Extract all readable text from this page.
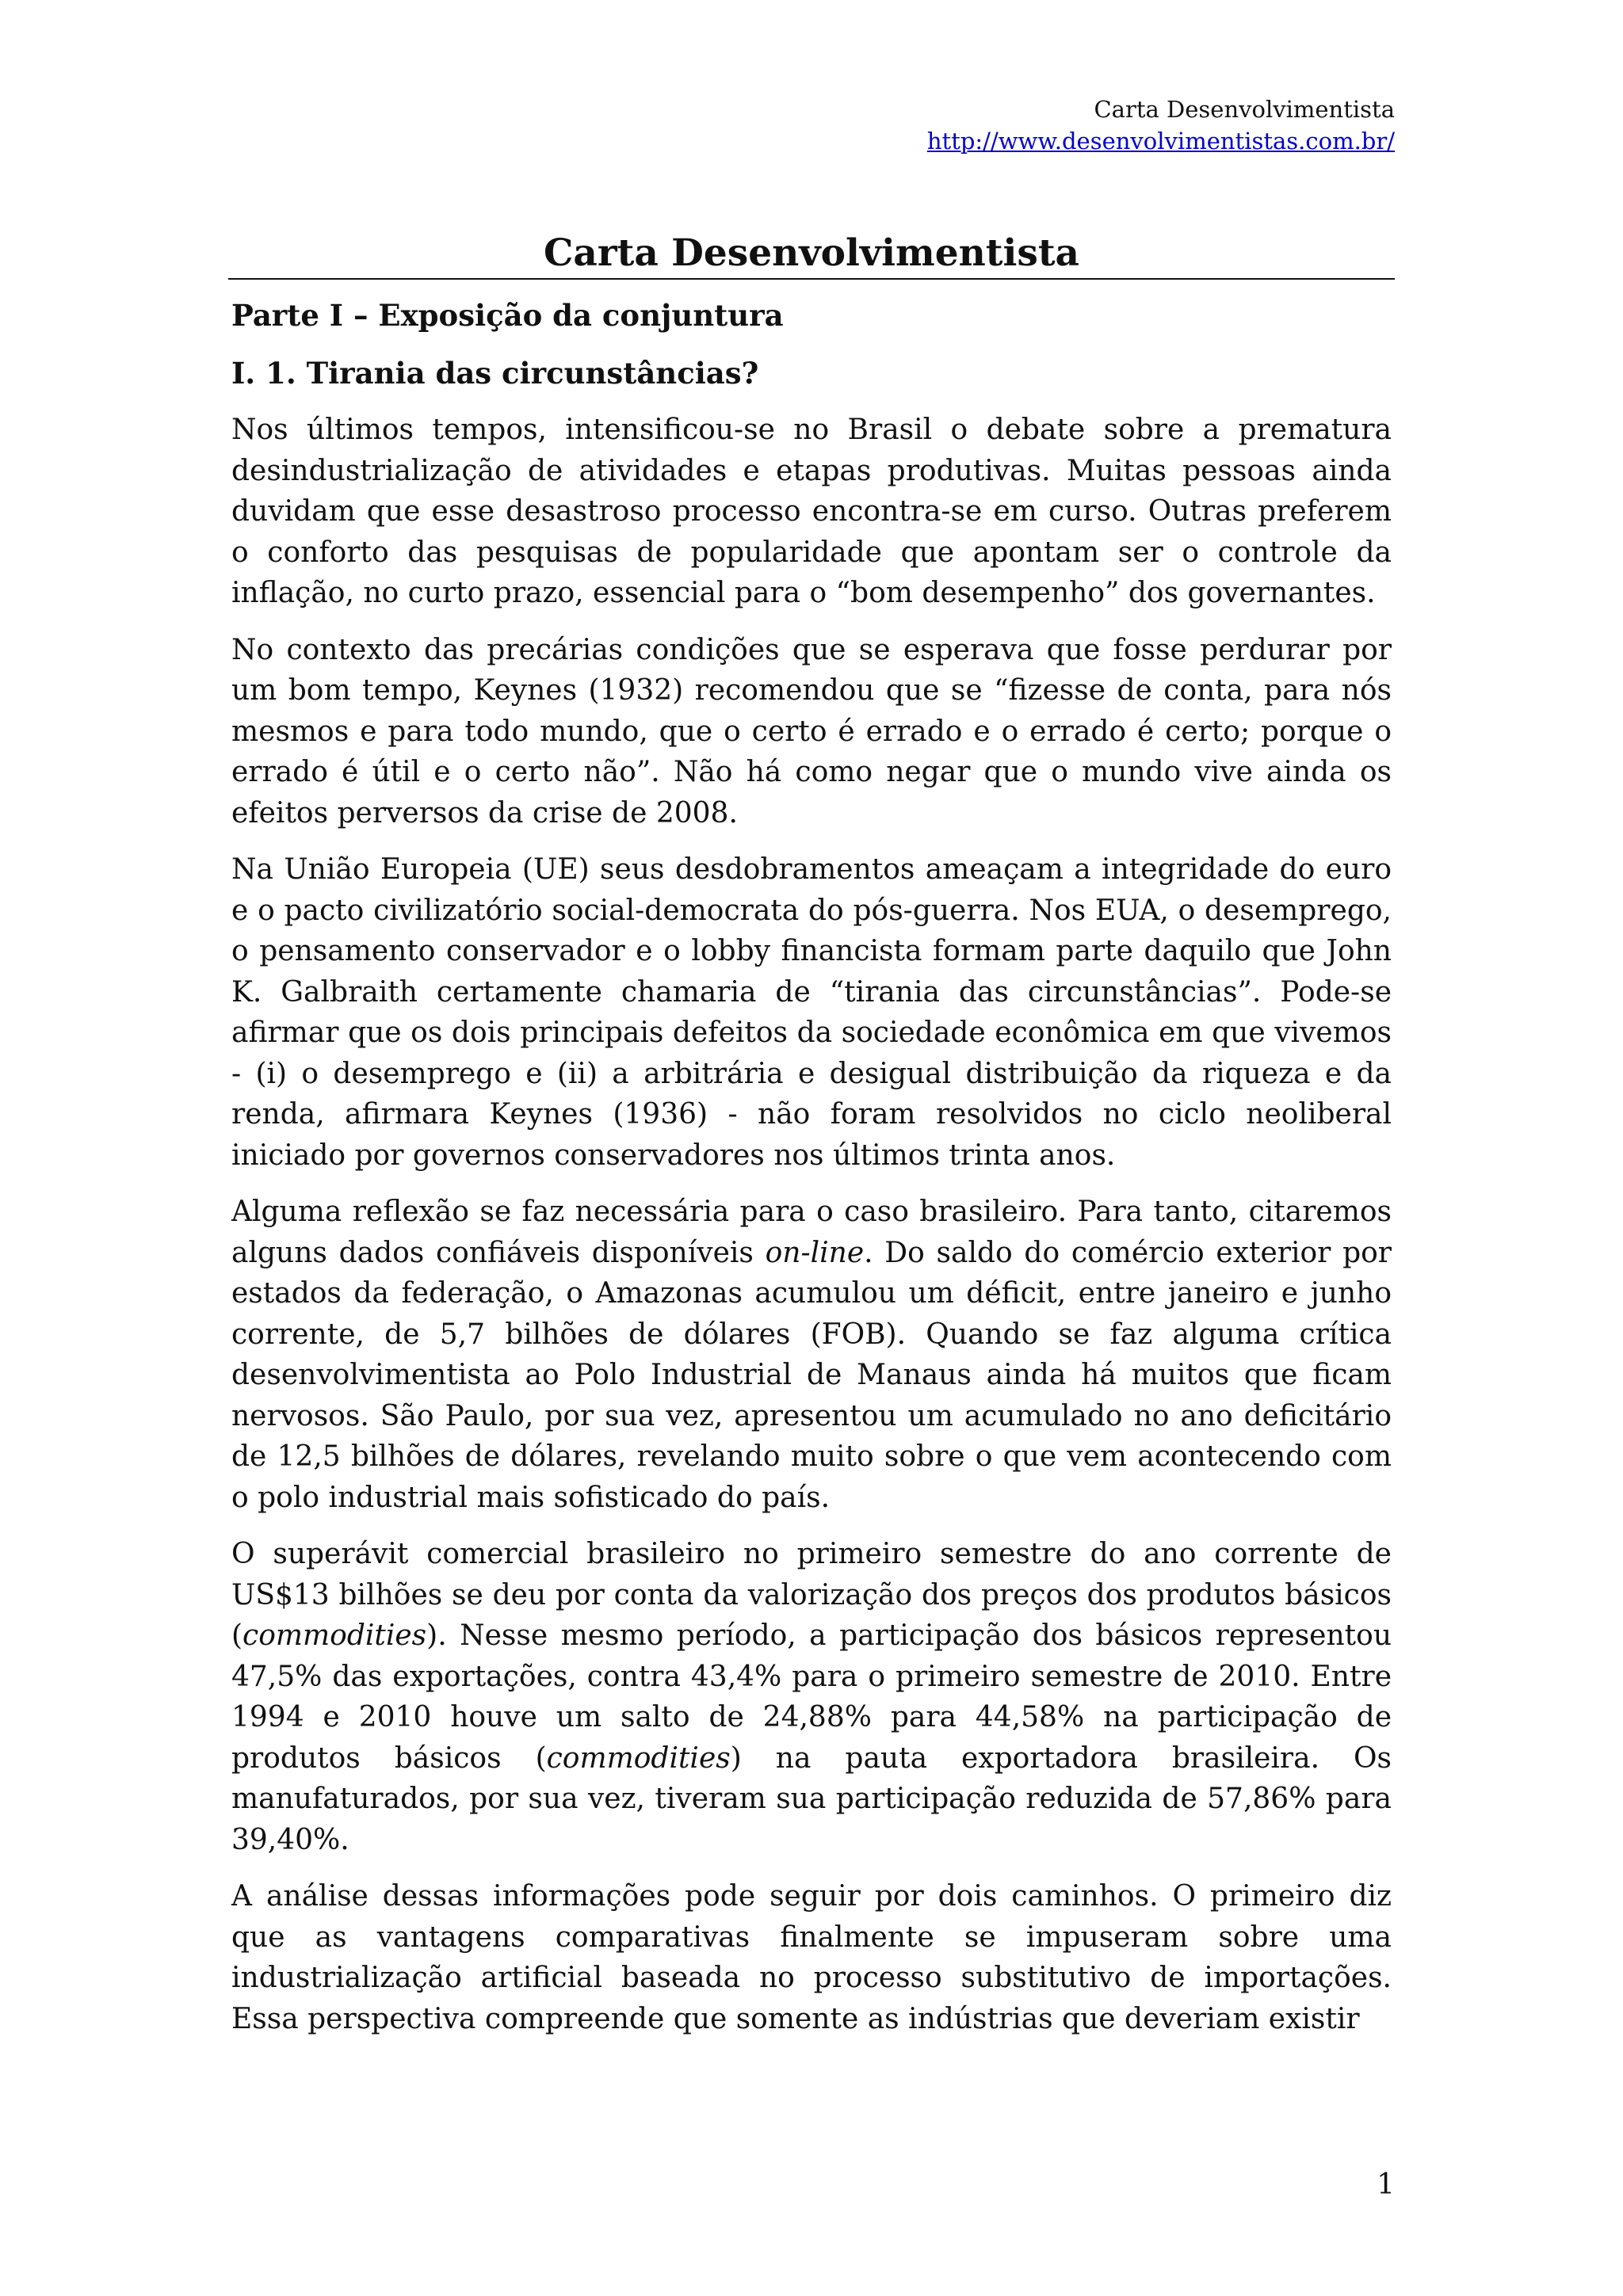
Carta Desenvolvimentista
http://www.desenvolvimentistas.com.br/
Carta Desenvolvimentista

Parte I – Exposição da conjuntura

I. 1. Tirania das circunstâncias?

Nos últimos tempos, intensificou-se no Brasil o debate sobre a prematura desindustrialização de atividades e etapas produtivas. Muitas pessoas ainda duvidam que esse desastroso processo encontra-se em curso. Outras preferem o conforto das pesquisas de popularidade que apontam ser o controle da inflação, no curto prazo, essencial para o “bom desempenho” dos governantes.

No contexto das precárias condições que se esperava que fosse perdurar por um bom tempo, Keynes (1932) recomendou que se “fizesse de conta, para nós mesmos e para todo mundo, que o certo é errado e o errado é certo; porque o errado é útil e o certo não”. Não há como negar que o mundo vive ainda os efeitos perversos da crise de 2008.

Na União Europeia (UE) seus desdobramentos ameaçam a integridade do euro e o pacto civilizatório social-democrata do pós-guerra. Nos EUA, o desemprego, o pensamento conservador e o lobby financista formam parte daquilo que John K. Galbraith certamente chamaria de “tirania das circunstâncias”. Pode-se afirmar que os dois principais defeitos da sociedade econômica em que vivemos - (i) o desemprego e (ii) a arbitrária e desigual distribuição da riqueza e da renda, afirmara Keynes (1936) - não foram resolvidos no ciclo neoliberal iniciado por governos conservadores nos últimos trinta anos.

Alguma reflexão se faz necessária para o caso brasileiro. Para tanto, citaremos alguns dados confiáveis disponíveis on-line. Do saldo do comércio exterior por estados da federação, o Amazonas acumulou um déficit, entre janeiro e junho corrente, de 5,7 bilhões de dólares (FOB). Quando se faz alguma crítica desenvolvimentista ao Polo Industrial de Manaus ainda há muitos que ficam nervosos. São Paulo, por sua vez, apresentou um acumulado no ano deficitário de 12,5 bilhões de dólares, revelando muito sobre o que vem acontecendo com o polo industrial mais sofisticado do país.

O superávit comercial brasileiro no primeiro semestre do ano corrente de US$13 bilhões se deu por conta da valorização dos preços dos produtos básicos (commodities). Nesse mesmo período, a participação dos básicos representou 47,5% das exportações, contra 43,4% para o primeiro semestre de 2010. Entre 1994 e 2010 houve um salto de 24,88% para 44,58% na participação de produtos básicos (commodities) na pauta exportadora brasileira. Os manufaturados, por sua vez, tiveram sua participação reduzida de 57,86% para 39,40%.

A análise dessas informações pode seguir por dois caminhos. O primeiro diz que as vantagens comparativas finalmente se impuseram sobre uma industrialização artificial baseada no processo substitutivo de importações. Essa perspectiva compreende que somente as indústrias que deveriam existir

1
